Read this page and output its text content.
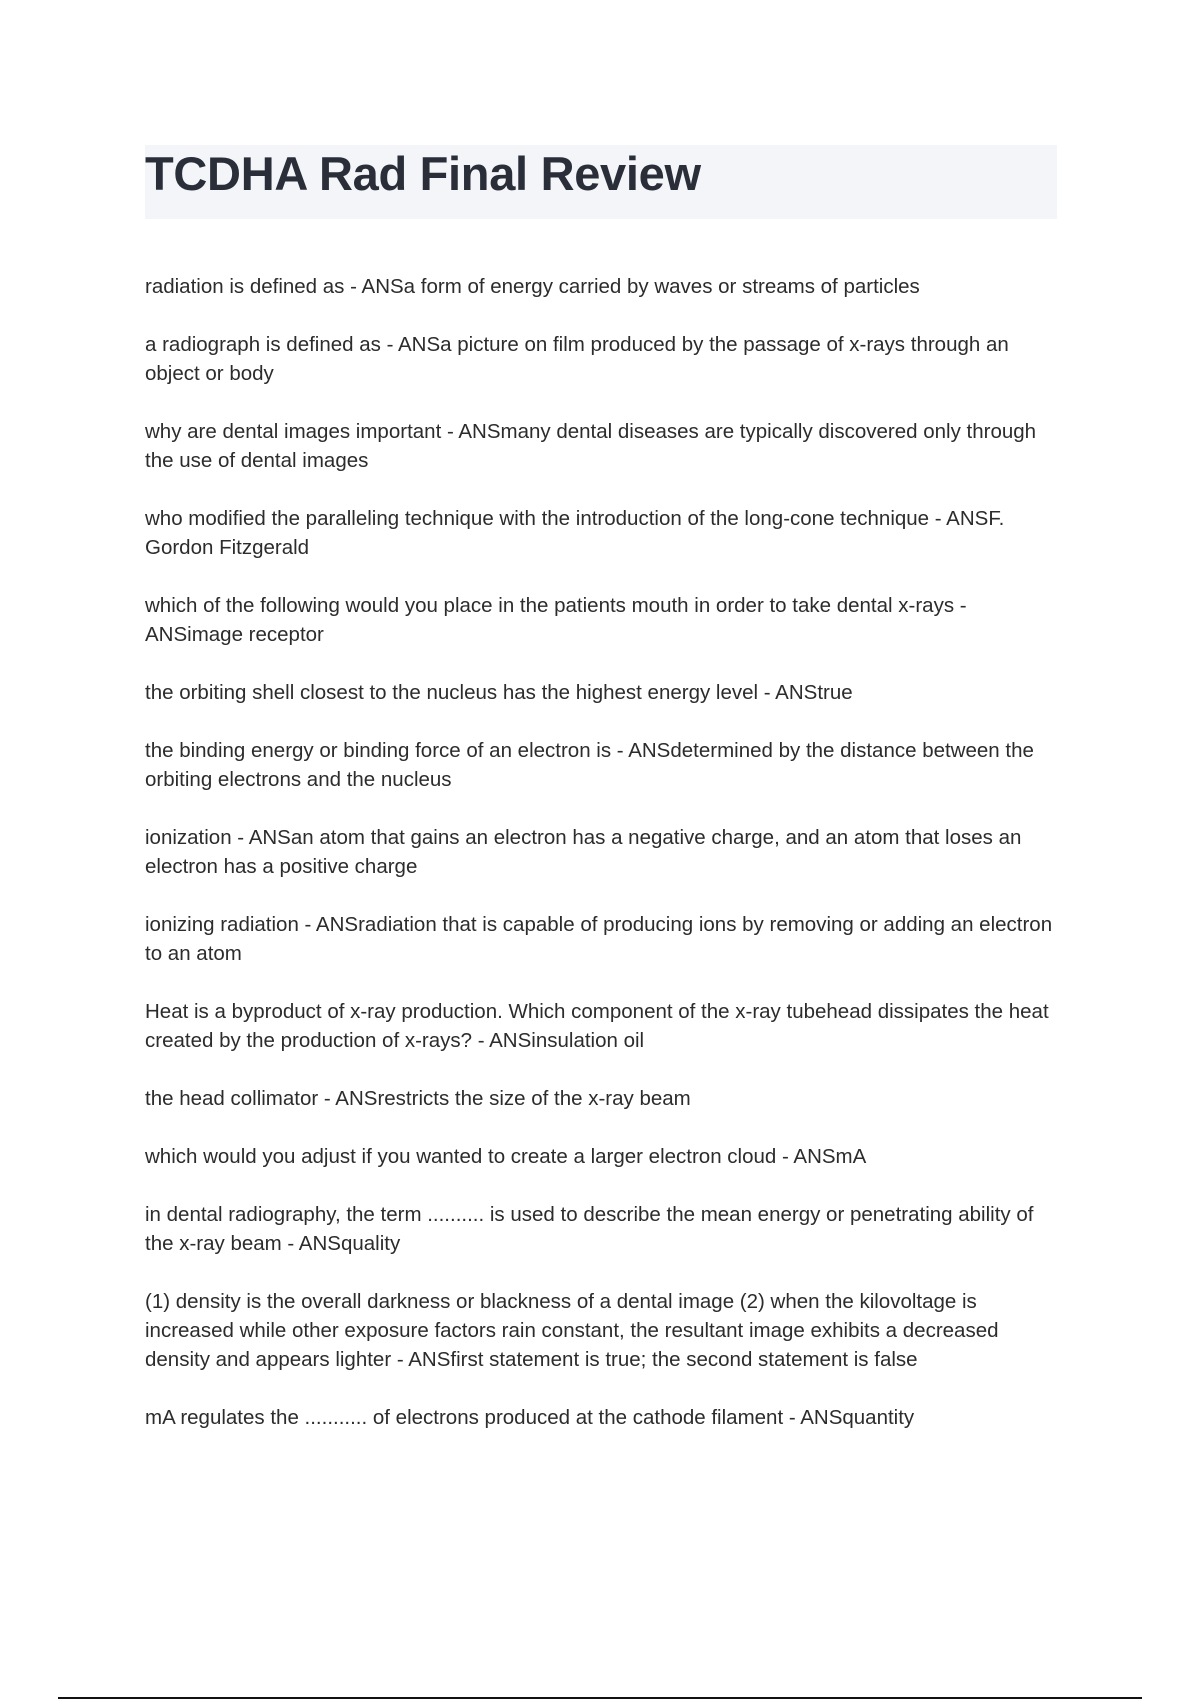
TCDHA Rad Final Review
radiation is defined as - ANSa form of energy carried by waves or streams of particles
a radiograph is defined as - ANSa picture on film produced by the passage of x-rays through an object or body
why are dental images important - ANSmany dental diseases are typically discovered only through the use of dental images
who modified the paralleling technique with the introduction of the long-cone technique - ANSF. Gordon Fitzgerald
which of the following would you place in the patients mouth in order to take dental x-rays - ANSimage receptor
the orbiting shell closest to the nucleus has the highest energy level - ANStrue
the binding energy or binding force of an electron is - ANSdetermined by the distance between the orbiting electrons and the nucleus
ionization - ANSan atom that gains an electron has a negative charge, and an atom that loses an electron has a positive charge
ionizing radiation - ANSradiation that is capable of producing ions by removing or adding an electron to an atom
Heat is a byproduct of x-ray production. Which component of the x-ray tubehead dissipates the heat created by the production of x-rays? - ANSinsulation oil
the head collimator - ANSrestricts the size of the x-ray beam
which would you adjust if you wanted to create a larger electron cloud - ANSmA
in dental radiography, the term .......... is used to describe the mean energy or penetrating ability of the x-ray beam - ANSquality
(1) density is the overall darkness or blackness of a dental image (2) when the kilovoltage is increased while other exposure factors rain constant, the resultant image exhibits a decreased density and appears lighter - ANSfirst statement is true; the second statement is false
mA regulates the ........... of electrons produced at the cathode filament - ANSquantity
